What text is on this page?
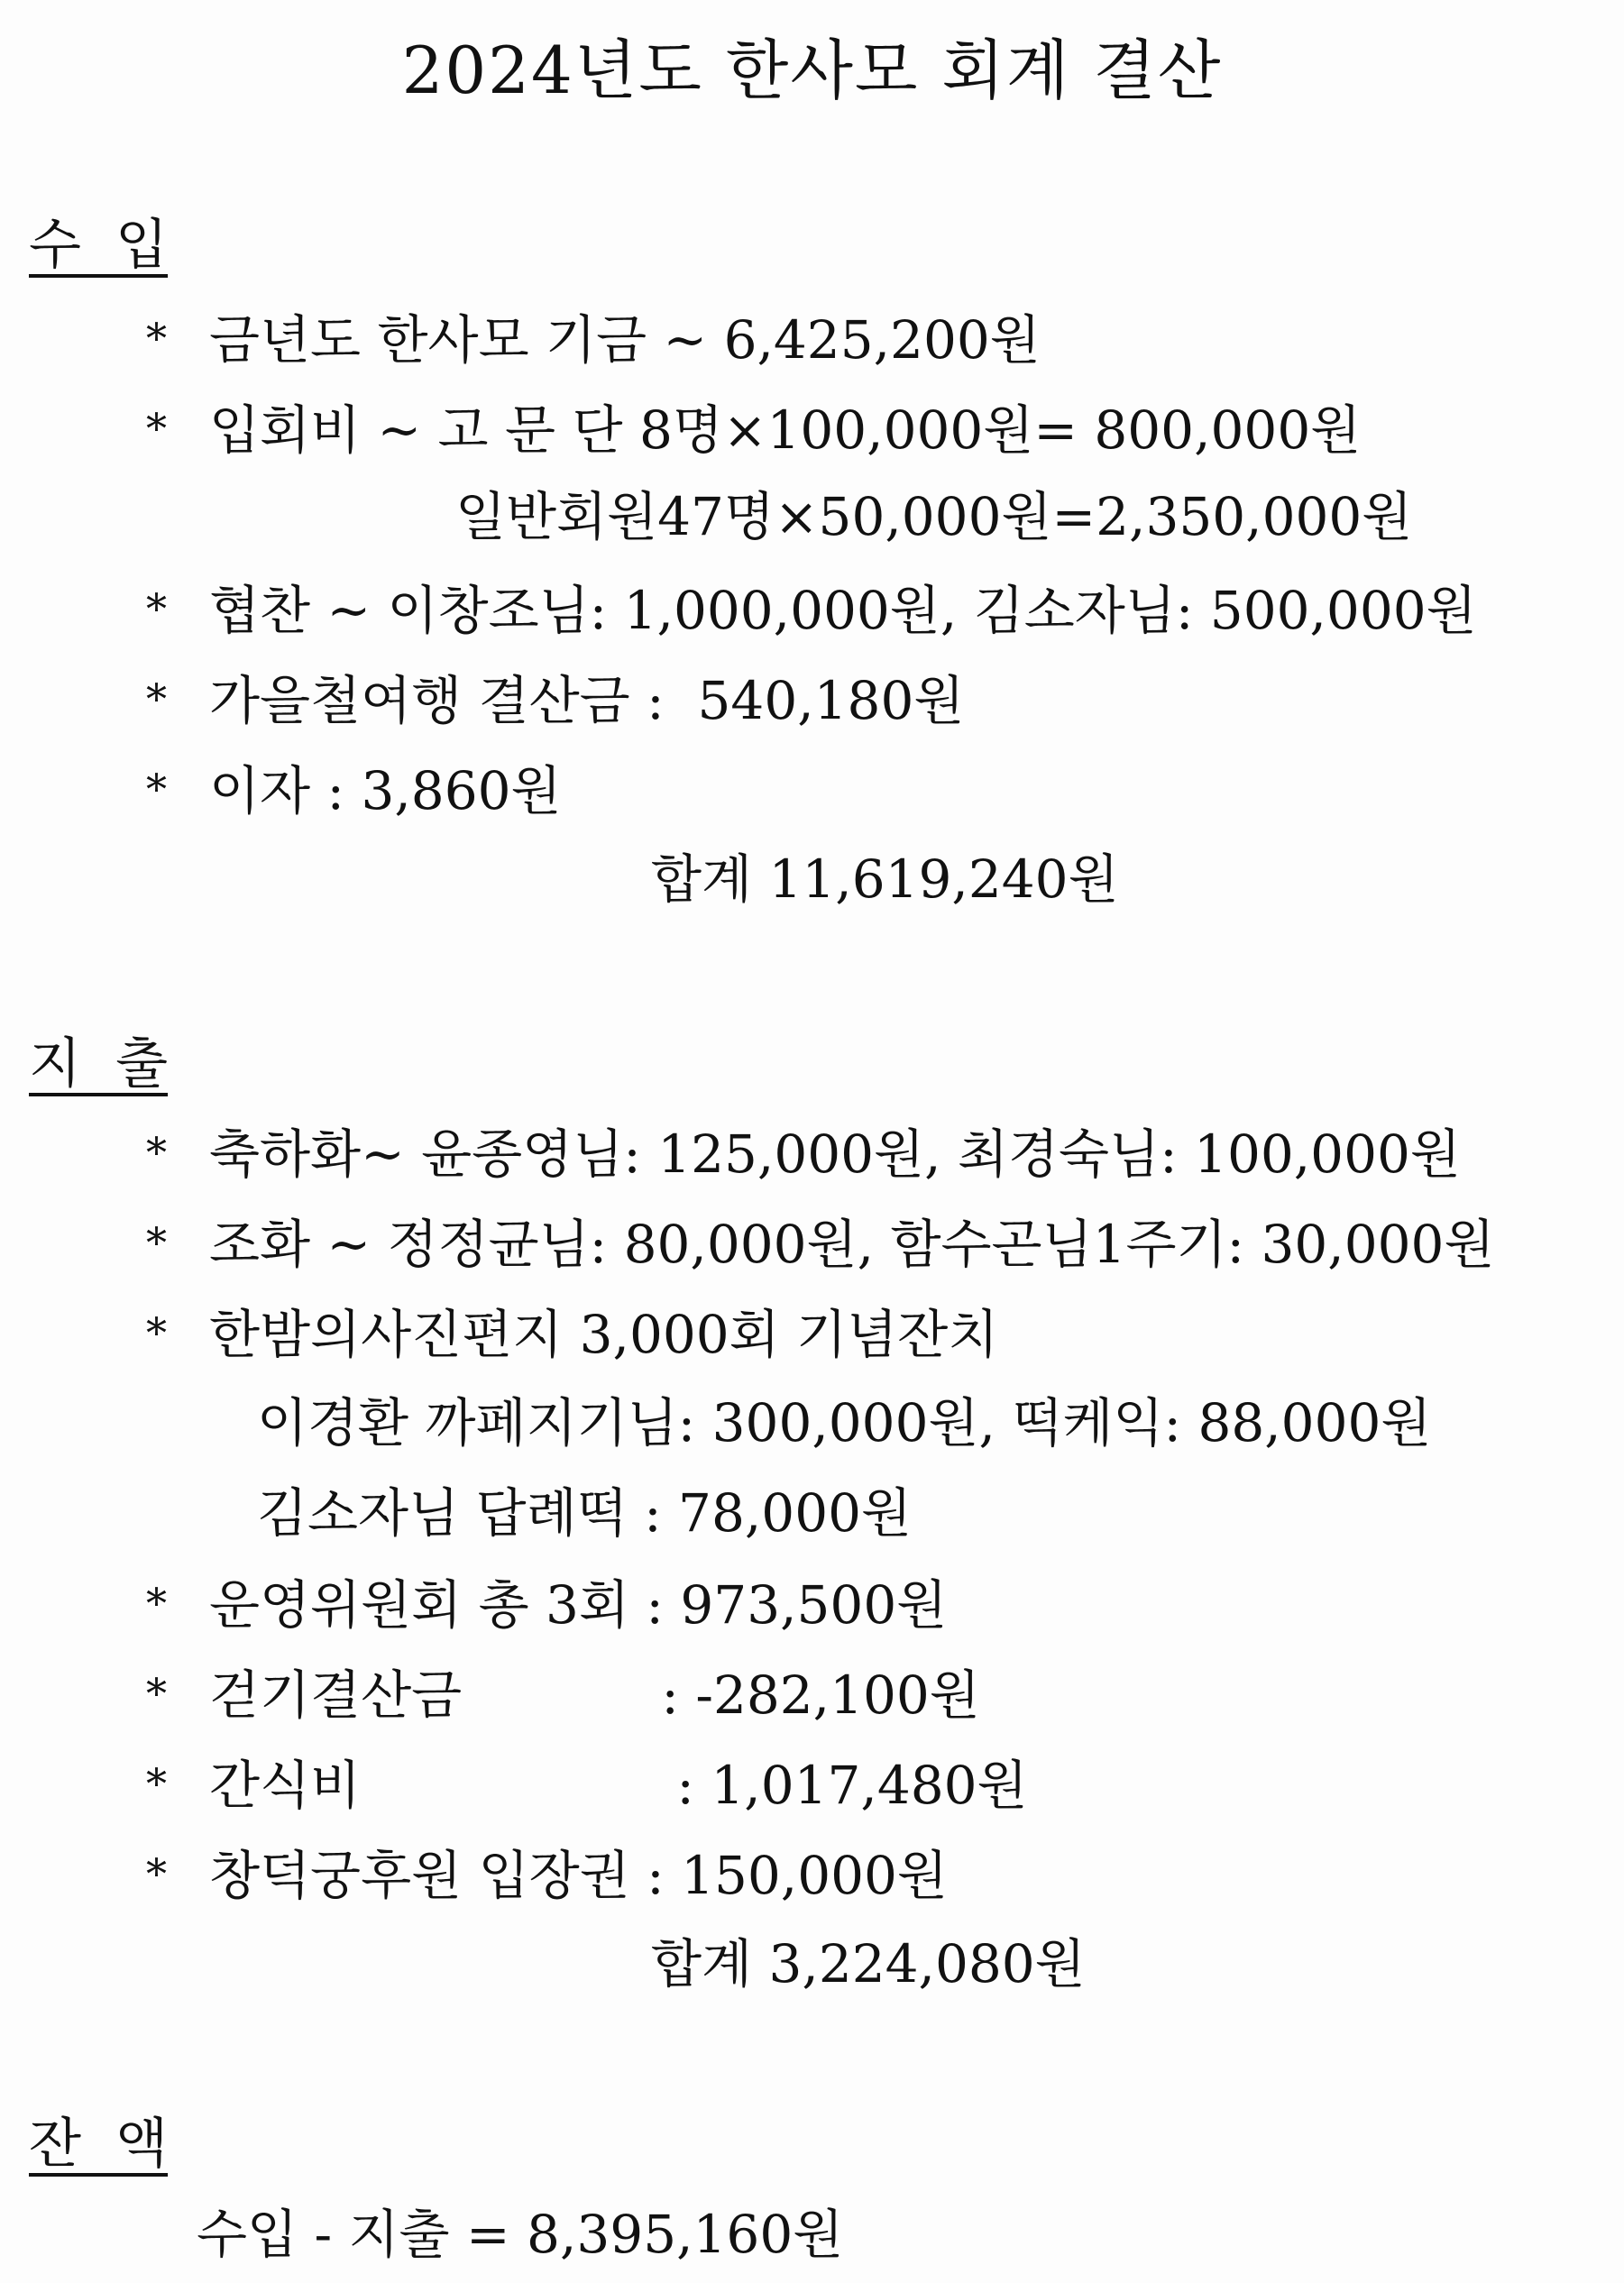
2024년도 한사모 회계 결산
수  입
* 금년도 한사모 기금 ~ 6,425,200원
* 입회비 ~ 고 문 단 8명×100,000원= 800,000원
일반회원47명×50,000원=2,350,000원
* 협찬 ~ 이창조님: 1,000,000원, 김소자님: 500,000원
* 가을철여행 결산금 :  540,180원
* 이자 : 3,860원
합계 11,619,240원
지  출
* 축하화~ 윤종영님: 125,000원, 최경숙님: 100,000원
* 조화 ~ 정정균님: 80,000원, 함수곤님1주기: 30,000원
* 한밤의사진편지 3,000회 기념잔치
이경환 까페지기님: 300,000원, 떡케익: 88,000원
김소자님 답례떡 : 78,000원
* 운영위원회 총 3회 : 973,500원
* 걷기결산금            : -282,100원
* 간식비                   : 1,017,480원
* 창덕궁후원 입장권 : 150,000원
합계 3,224,080원
잔  액
수입 - 지출 = 8,395,160원
